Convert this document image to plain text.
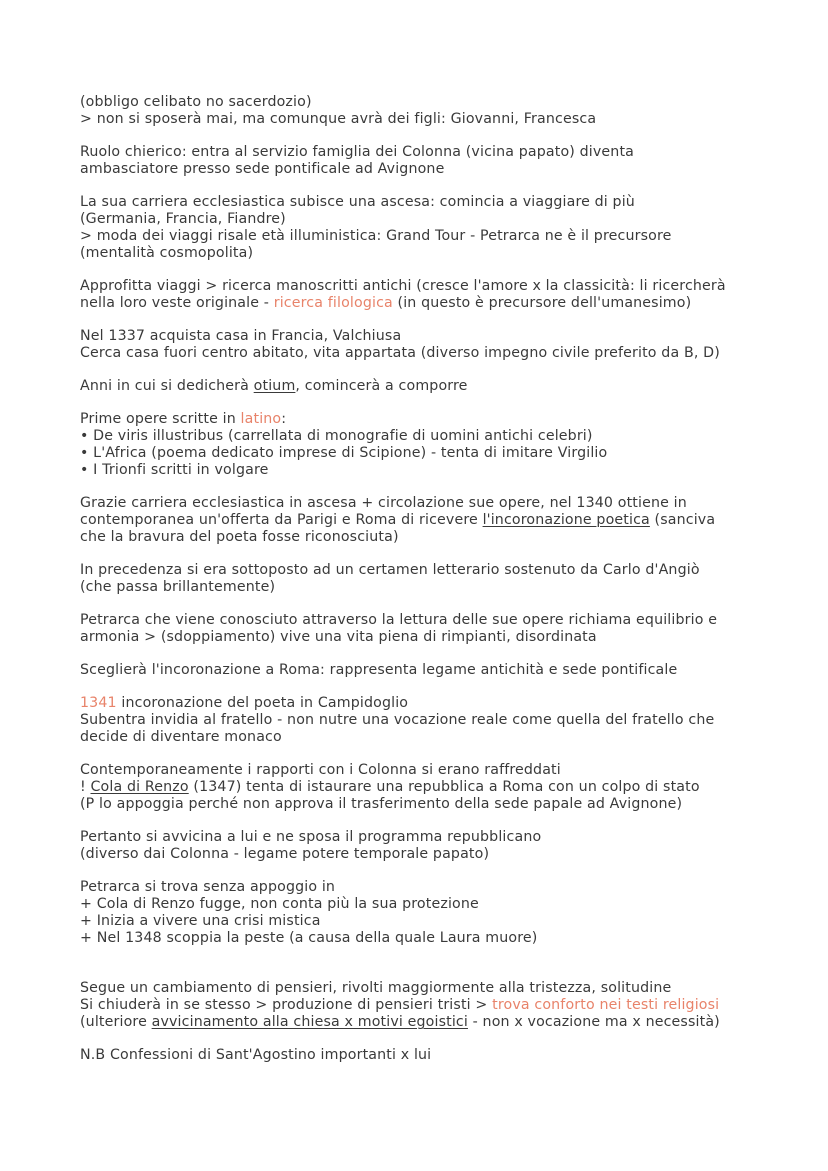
(obbligo celibato no sacerdozio)
> non si sposerà mai, ma comunque avrà dei figli: Giovanni, Francesca
Ruolo chierico: entra al servizio famiglia dei Colonna (vicina papato) diventa
ambasciatore presso sede pontificale ad Avignone
La sua carriera ecclesiastica subisce una ascesa: comincia a viaggiare di più
(Germania, Francia, Fiandre)
> moda dei viaggi risale età illuministica: Grand Tour - Petrarca ne è il precursore
(mentalità cosmopolita)
Approfitta viaggi > ricerca manoscritti antichi (cresce l'amore x la classicità: li ricercherà
nella loro veste originale - ricerca filologica (in questo è precursore dell'umanesimo)
Nel 1337 acquista casa in Francia, Valchiusa
Cerca casa fuori centro abitato, vita appartata (diverso impegno civile preferito da B, D)
Anni in cui si dedicherà otium, comincerà a comporre
Prime opere scritte in latino:
• De viris illustribus (carrellata di monografie di uomini antichi celebri)
• L'Africa (poema dedicato imprese di Scipione) - tenta di imitare Virgilio
• I Trionfi scritti in volgare
Grazie carriera ecclesiastica in ascesa + circolazione sue opere, nel 1340 ottiene in
contemporanea un'offerta da Parigi e Roma di ricevere l'incoronazione poetica (sanciva
che la bravura del poeta fosse riconosciuta)
In precedenza si era sottoposto ad un certamen letterario sostenuto da Carlo d'Angiò
(che passa brillantemente)
Petrarca che viene conosciuto attraverso la lettura delle sue opere richiama equilibrio e
armonia > (sdoppiamento) vive una vita piena di rimpianti, disordinata
Sceglierà l'incoronazione a Roma: rappresenta legame antichità e sede pontificale
1341 incoronazione del poeta in Campidoglio
Subentra invidia al fratello - non nutre una vocazione reale come quella del fratello che
decide di diventare monaco
Contemporaneamente i rapporti con i Colonna si erano raffreddati
! Cola di Renzo (1347) tenta di istaurare una repubblica a Roma con un colpo di stato
(P lo appoggia perché non approva il trasferimento della sede papale ad Avignone)
Pertanto si avvicina a lui e ne sposa il programma repubblicano
(diverso dai Colonna - legame potere temporale papato)
Petrarca si trova senza appoggio in
+ Cola di Renzo fugge, non conta più la sua protezione
+ Inizia a vivere una crisi mistica
+ Nel 1348 scoppia la peste (a causa della quale Laura muore)
Segue un cambiamento di pensieri, rivolti maggiormente alla tristezza, solitudine
Si chiuderà in se stesso > produzione di pensieri tristi > trova conforto nei testi religiosi
(ulteriore avvicinamento alla chiesa x motivi egoistici - non x vocazione ma x necessità)
N.B Confessioni di Sant'Agostino importanti x lui
